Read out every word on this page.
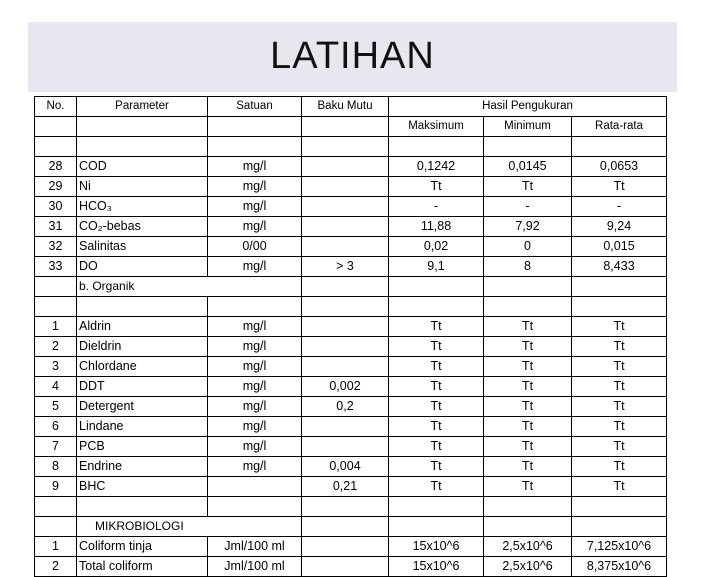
LATIHAN
No.	Parameter	Satuan	Baku Mutu	Hasil Pengukuran		
				Maksimum	Minimum	Rata-rata

28	COD	mg/l		0,1242	0,0145	0,0653
29	Ni	mg/l		Tt	Tt	Tt
30	HCO₃	mg/l		-	-	-
31	CO₂-bebas	mg/l		11,88	7,92	9,24
32	Salinitas	0/00		0,02	0	0,015
33	DO	mg/l	> 3	9,1	8	8,433
	b. Organik					

1	Aldrin	mg/l		Tt	Tt	Tt
2	Dieldrin	mg/l		Tt	Tt	Tt
3	Chlordane	mg/l		Tt	Tt	Tt
4	DDT	mg/l	0,002	Tt	Tt	Tt
5	Detergent	mg/l	0,2	Tt	Tt	Tt
6	Lindane	mg/l		Tt	Tt	Tt
7	PCB	mg/l		Tt	Tt	Tt
8	Endrine	mg/l	0,004	Tt	Tt	Tt
9	BHC		0,21	Tt	Tt	Tt

	MIKROBIOLOGI					
1	Coliform tinja	Jml/100 ml		15x10^6	2,5x10^6	7,125x10^6
2	Total coliform	Jml/100 ml		15x10^6	2,5x10^6	8,375x10^6
